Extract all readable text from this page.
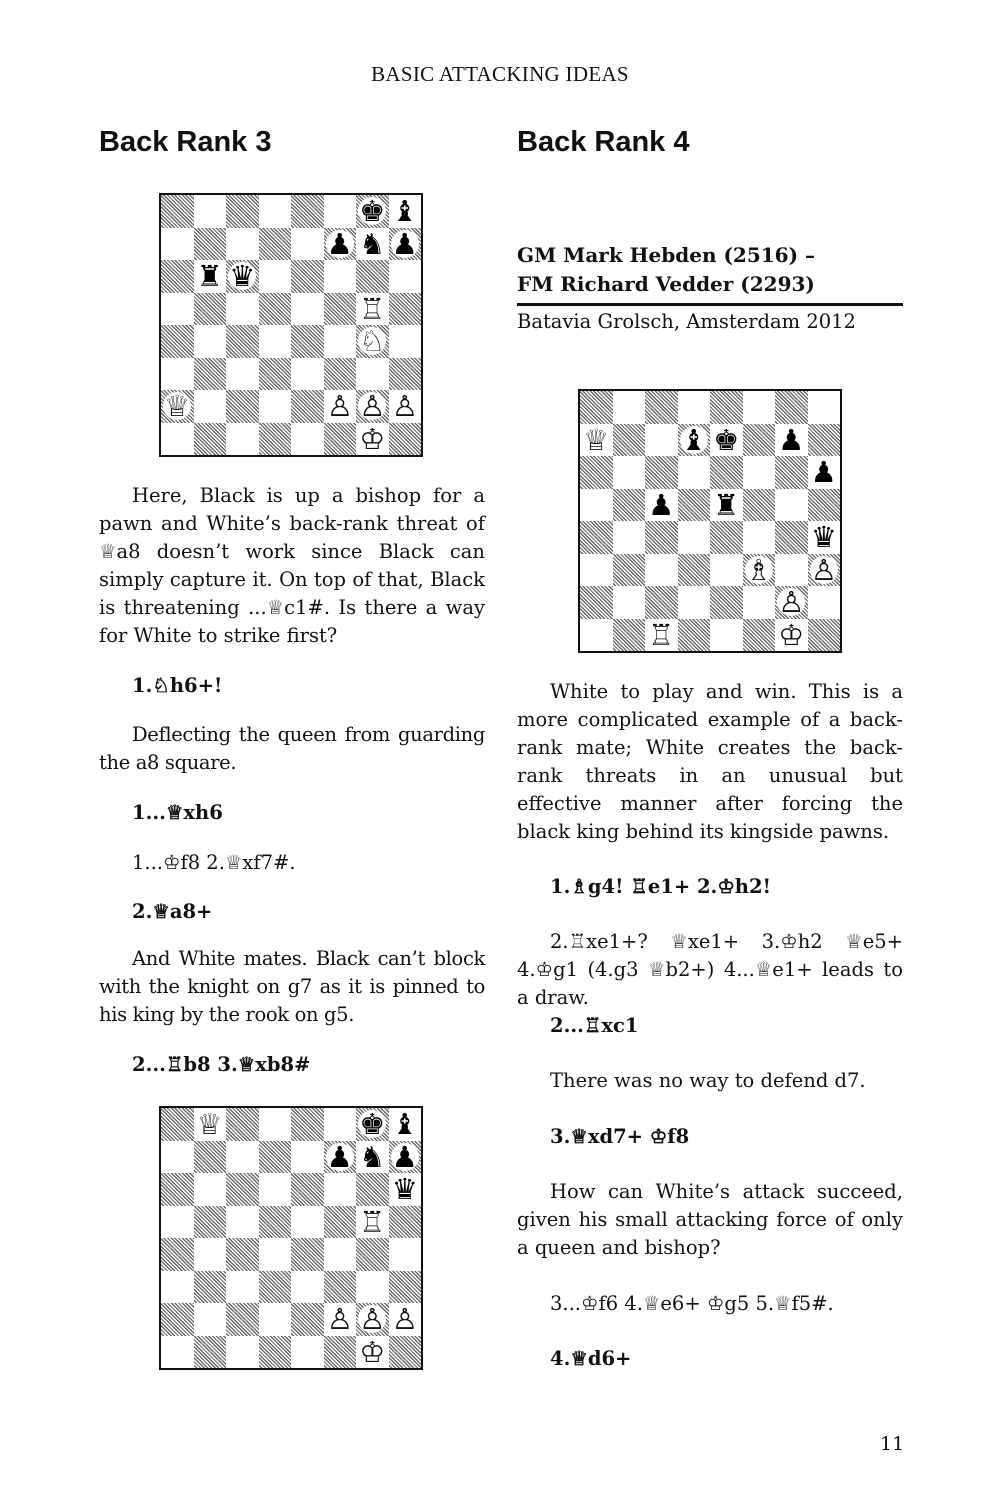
BASIC ATTACKING IDEAS
Back Rank 3
♚ ♝
♟ ♞ ♟
♜ ♛
♖
♘
♕	♙ ♙ ♙
♔

Here, Black is up a bishop for a pawn and White’s back-rank threat of ♕a8 doesn’t work since Black can simply capture it. On top of that, Black is threatening ...♕c1#. Is there a way for White to strike first?

1.♘h6+!

Deflecting the queen from guarding the a8 square.

1...♕xh6

1...♔f8 2.♕xf7#.

2.♕a8+

And White mates. Black can’t block with the knight on g7 as it is pinned to his king by the rook on g5.

2...♖b8 3.♕xb8#

♕	♚ ♝
♟ ♞ ♟
♛
♖
♙ ♙ ♙
♔
Back Rank 4
GM Mark Hebden (2516) –
FM Richard Vedder (2293)
Batavia Grolsch, Amsterdam 2012
♕ ♝ ♚ ♟
♟
♟ ♜
♛
♗ ♙
♙
♖	♔

White to play and win. This is a more complicated example of a back-rank mate; White creates the back-rank threats in an unusual but effective manner after forcing the black king behind its kingside pawns.

1.♗g4! ♖e1+ 2.♔h2!

2.♖xe1+? ♕xe1+ 3.♔h2 ♕e5+ 4.♔g1 (4.g3 ♕b2+) 4...♕e1+ leads to a draw.

2...♖xc1

There was no way to defend d7.

3.♕xd7+ ♔f8

How can White’s attack succeed, given his small attacking force of only a queen and bishop?

3...♔f6 4.♕e6+ ♔g5 5.♕f5#.

4.♕d6+

11
